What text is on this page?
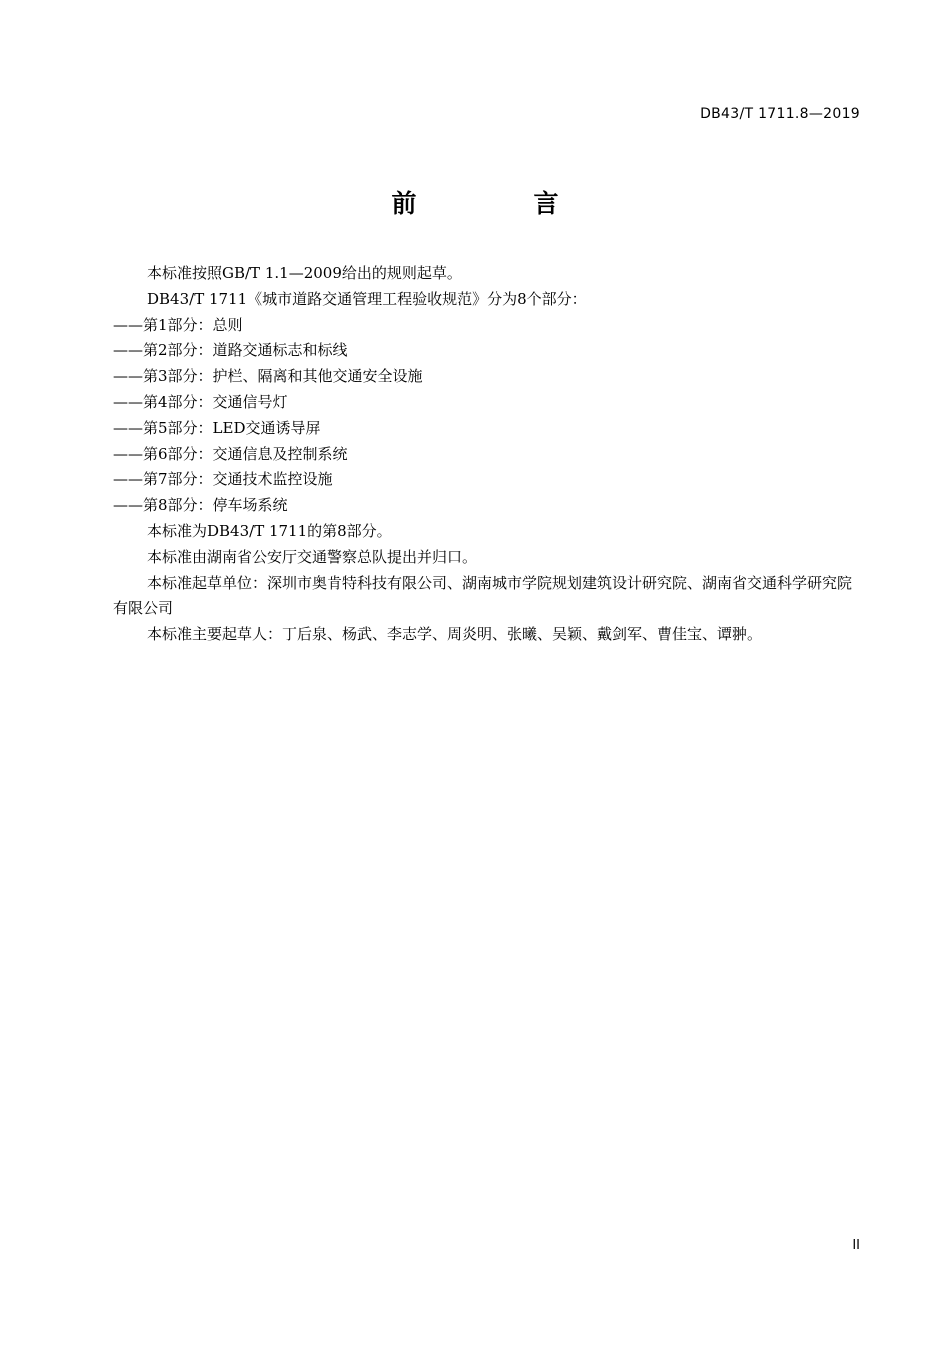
DB43/T 1711.8—2019
前　言

本标准按照GB/T 1.1—2009给出的规则起草。

DB43/T 1711《城市道路交通管理工程验收规范》分为8个部分：

——第1部分：总则

——第2部分：道路交通标志和标线

——第3部分：护栏、隔离和其他交通安全设施

——第4部分：交通信号灯

——第5部分：LED交通诱导屏

——第6部分：交通信息及控制系统

——第7部分：交通技术监控设施

——第8部分：停车场系统

本标准为DB43/T 1711的第8部分。

本标准由湖南省公安厅交通警察总队提出并归口。

本标准起草单位：深圳市奥肯特科技有限公司、湖南城市学院规划建筑设计研究院、湖南省交通科学研究院有限公司

本标准主要起草人：丁后泉、杨武、李志学、周炎明、张曦、吴颖、戴剑军、曹佳宝、谭翀。

II
